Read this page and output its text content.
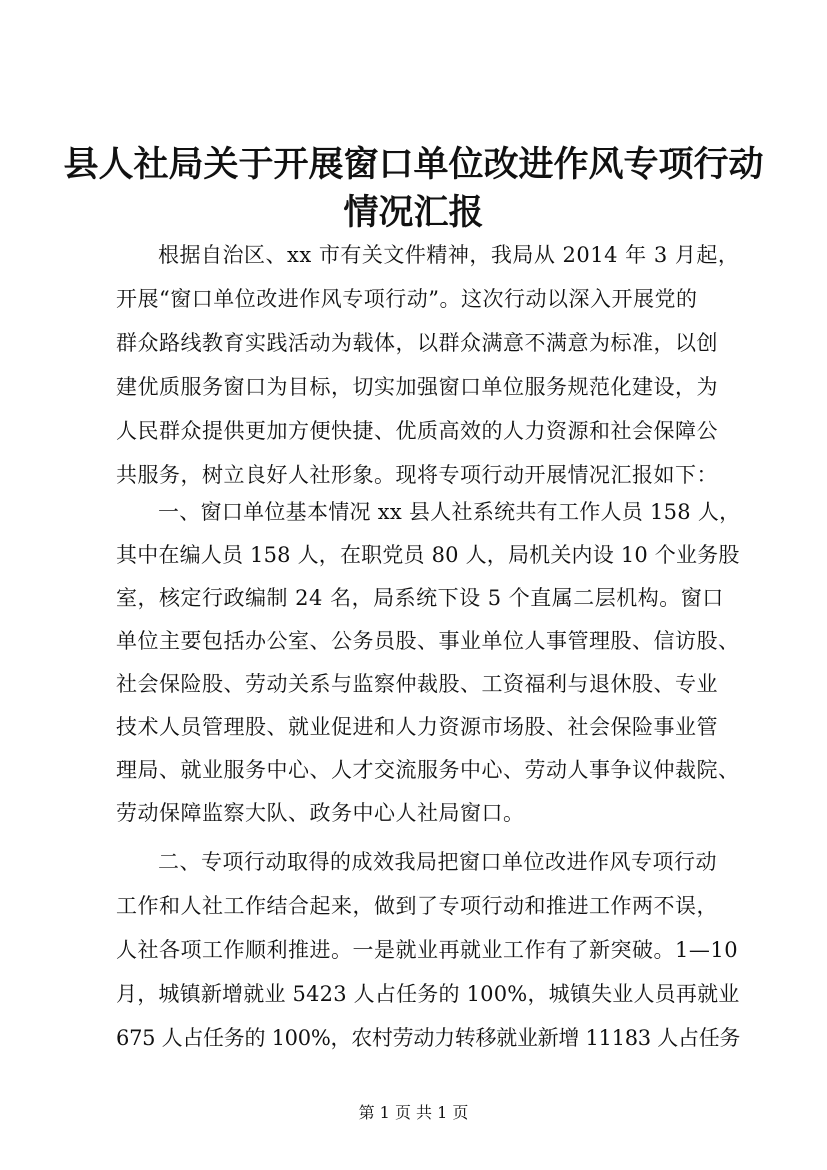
县人社局关于开展窗口单位改进作风专项行动
情况汇报
根据自治区、xx 市有关文件精神，我局从 2014 年 3 月起，
开展“窗口单位改进作风专项行动”。这次行动以深入开展党的
群众路线教育实践活动为载体，以群众满意不满意为标准，以创
建优质服务窗口为目标，切实加强窗口单位服务规范化建设，为
人民群众提供更加方便快捷、优质高效的人力资源和社会保障公
共服务，树立良好人社形象。现将专项行动开展情况汇报如下：
一、窗口单位基本情况 xx 县人社系统共有工作人员 158 人，
其中在编人员 158 人，在职党员 80 人，局机关内设 10 个业务股
室，核定行政编制 24 名，局系统下设 5 个直属二层机构。窗口
单位主要包括办公室、公务员股、事业单位人事管理股、信访股、
社会保险股、劳动关系与监察仲裁股、工资福利与退休股、专业
技术人员管理股、就业促进和人力资源市场股、社会保险事业管
理局、就业服务中心、人才交流服务中心、劳动人事争议仲裁院、
劳动保障监察大队、政务中心人社局窗口。
二、专项行动取得的成效我局把窗口单位改进作风专项行动
工作和人社工作结合起来，做到了专项行动和推进工作两不误，
人社各项工作顺利推进。一是就业再就业工作有了新突破。1—10
月，城镇新增就业 5423 人占任务的 100%，城镇失业人员再就业
675 人占任务的 100%，农村劳动力转移就业新增 11183 人占任务
第 1 页 共 1 页
